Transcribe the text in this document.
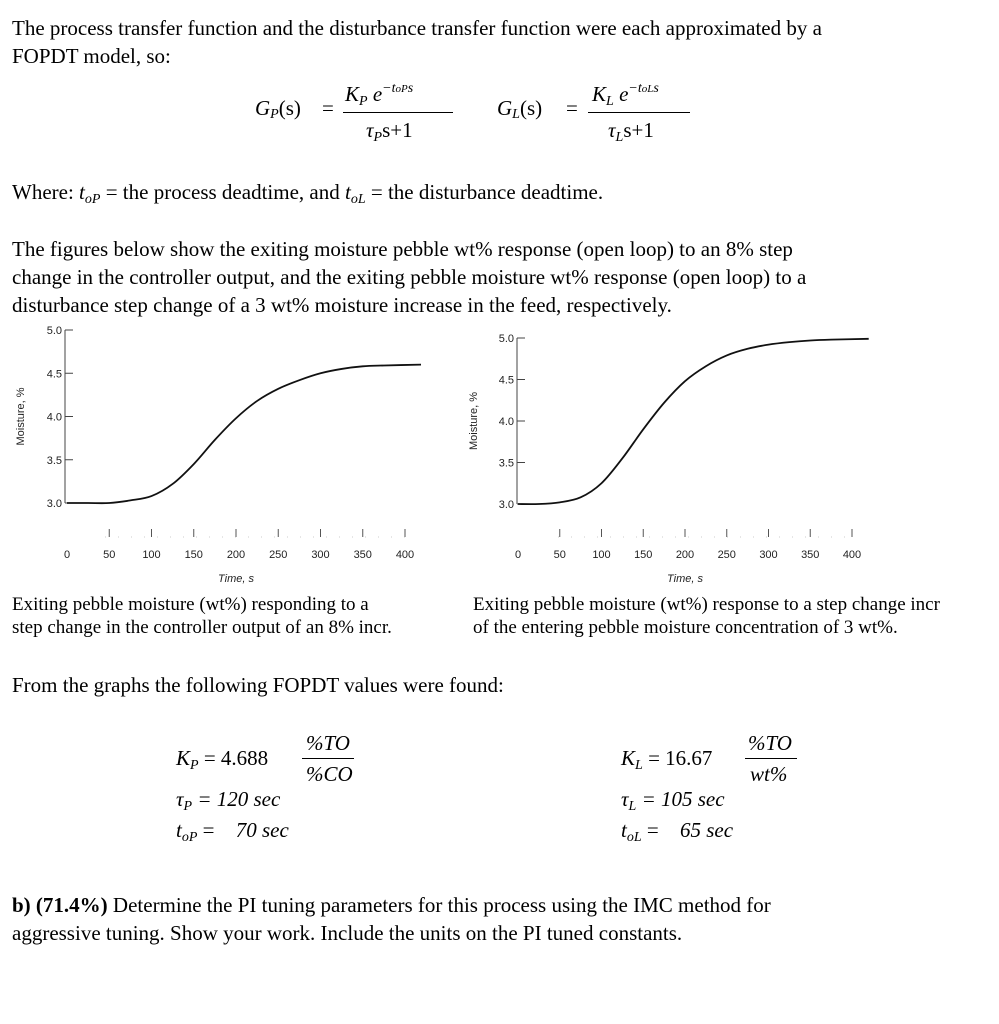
The process transfer function and the disturbance transfer function were each approximated by a
FOPDT model, so:

GP(s) =
KP $e^{-toPs}$
τPs+1
GL(s) =
KL $e^{-toLs}$
τLs+1

Where: toP = the process deadtime, and toL = the disturbance deadtime.

The figures below show the exiting moisture pebble wt% response (open loop) to an 8% step
change in the controller output, and the exiting pebble moisture wt% response (open loop) to a
disturbance step change of a 3 wt% moisture increase in the feed, respectively.

3.0
3.5
4.0
4.5
5.0
0	50 100 150 200 250 300 350 400
Time, s
Moisture, %
3.0
3.5
4.0
4.5
5.0
0	50 100 150 200 250 300 350 400
Time, s
Moisture, %

Exiting pebble moisture (wt%) responding to a
step change in the controller output of an 8% incr.

Exiting pebble moisture (wt%) response to a step change incr
of the entering pebble moisture concentration of 3 wt%.

From the graphs the following FOPDT values were found:

KP = 4.688
%TO
%CO
τP = 120 sec
toP = 70 sec
KL = 16.67
%TO
wt%
τL = 105 sec
toL = 65 sec

b) (71.4%) Determine the PI tuning parameters for this process using the IMC method for
aggressive tuning. Show your work. Include the units on the PI tuned constants.
